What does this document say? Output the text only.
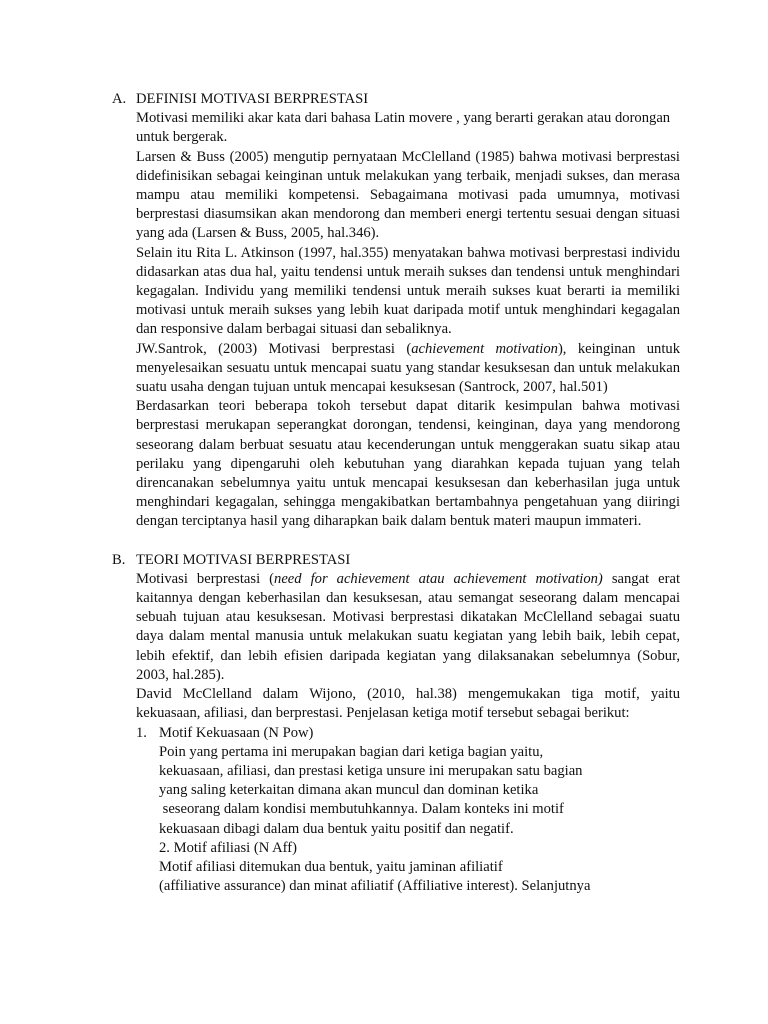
A. DEFINISI MOTIVASI BERPRESTASI

Motivasi memiliki akar kata dari bahasa Latin movere , yang berarti gerakan atau dorongan untuk bergerak.

Larsen & Buss (2005) mengutip pernyataan McClelland (1985) bahwa motivasi berprestasi didefinisikan sebagai keinginan untuk melakukan yang terbaik, menjadi sukses, dan merasa mampu atau memiliki kompetensi. Sebagaimana motivasi pada umumnya, motivasi berprestasi diasumsikan akan mendorong dan memberi energi tertentu sesuai dengan situasi yang ada (Larsen & Buss, 2005, hal.346).

Selain itu Rita L. Atkinson (1997, hal.355) menyatakan bahwa motivasi berprestasi individu didasarkan atas dua hal, yaitu tendensi untuk meraih sukses dan tendensi untuk menghindari kegagalan. Individu yang memiliki tendensi untuk meraih sukses kuat berarti ia memiliki motivasi untuk meraih sukses yang lebih kuat daripada motif untuk menghindari kegagalan dan responsive dalam berbagai situasi dan sebaliknya.

JW.Santrok, (2003) Motivasi berprestasi (achievement motivation), keinginan untuk menyelesaikan sesuatu untuk mencapai suatu yang standar kesuksesan dan untuk melakukan suatu usaha dengan tujuan untuk mencapai kesuksesan (Santrock, 2007, hal.501)

Berdasarkan teori beberapa tokoh tersebut dapat ditarik kesimpulan bahwa motivasi berprestasi merukapan seperangkat dorongan, tendensi, keinginan, daya yang mendorong seseorang dalam berbuat sesuatu atau kecenderungan untuk menggerakan suatu sikap atau perilaku yang dipengaruhi oleh kebutuhan yang diarahkan kepada tujuan yang telah direncanakan sebelumnya yaitu untuk mencapai kesuksesan dan keberhasilan juga untuk menghindari kegagalan, sehingga mengakibatkan bertambahnya pengetahuan yang diiringi dengan terciptanya hasil yang diharapkan baik dalam bentuk materi maupun immateri.

B. TEORI MOTIVASI BERPRESTASI

Motivasi berprestasi (need for achievement atau achievement motivation) sangat erat kaitannya dengan keberhasilan dan kesuksesan, atau semangat seseorang dalam mencapai sebuah tujuan atau kesuksesan. Motivasi berprestasi dikatakan McClelland sebagai suatu daya dalam mental manusia untuk melakukan suatu kegiatan yang lebih baik, lebih cepat, lebih efektif, dan lebih efisien daripada kegiatan yang dilaksanakan sebelumnya (Sobur, 2003, hal.285).

David McClelland dalam Wijono, (2010, hal.38) mengemukakan tiga motif, yaitu kekuasaan, afiliasi, dan berprestasi. Penjelasan ketiga motif tersebut sebagai berikut:

1. Motif Kekuasaan (N Pow)
Poin yang pertama ini merupakan bagian dari ketiga bagian yaitu,
kekuasaan, afiliasi, dan prestasi ketiga unsure ini merupakan satu bagian
yang saling keterkaitan dimana akan muncul dan dominan ketika
seseorang dalam kondisi membutuhkannya. Dalam konteks ini motif
kekuasaan dibagi dalam dua bentuk yaitu positif dan negatif.
2. Motif afiliasi (N Aff)
Motif afiliasi ditemukan dua bentuk, yaitu jaminan afiliatif
(affiliative assurance) dan minat afiliatif (Affiliative interest). Selanjutnya
